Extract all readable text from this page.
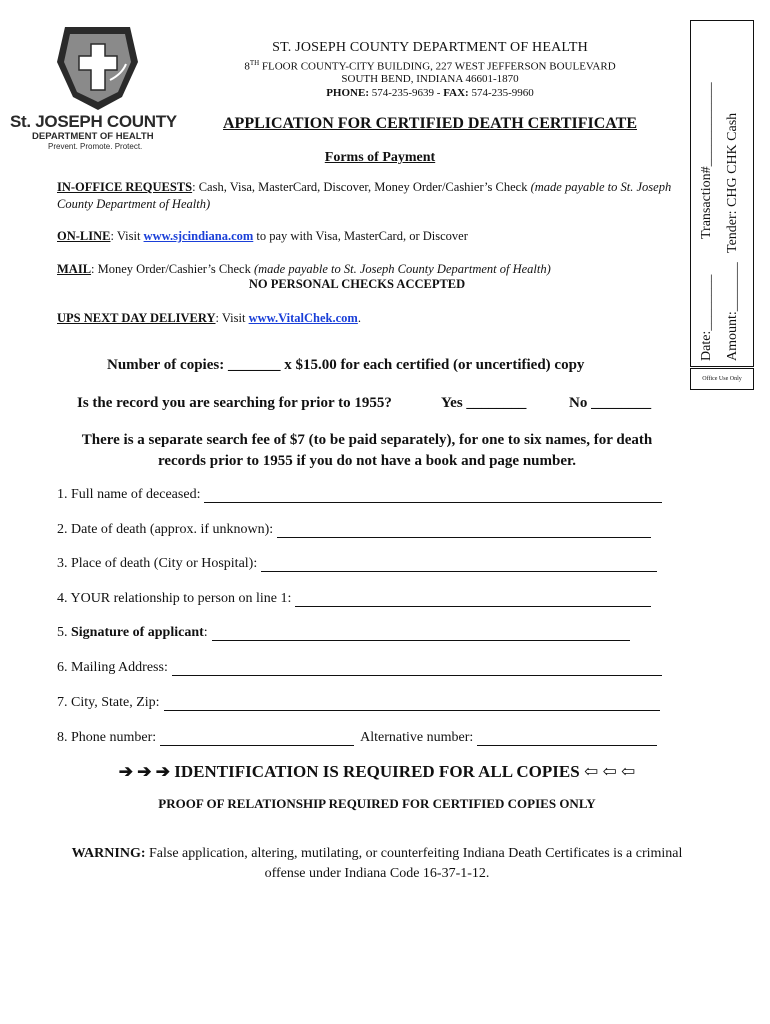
St. JOSEPH COUNTY
DEPARTMENT OF HEALTH
Prevent. Promote. Protect.
ST. JOSEPH COUNTY DEPARTMENT OF HEALTH
8TH FLOOR COUNTY-CITY BUILDING, 227 WEST JEFFERSON BOULEVARD
SOUTH BEND, INDIANA 46601-1870
PHONE: 574-235-9639 - FAX: 574-235-9960
APPLICATION FOR CERTIFIED DEATH CERTIFICATE
Forms of Payment
IN-OFFICE REQUESTS: Cash, Visa, MasterCard, Discover, Money Order/Cashier’s Check (made payable to St. Joseph County Department of Health)
ON-LINE: Visit www.sjcindiana.com to pay with Visa, MasterCard, or Discover
MAIL: Money Order/Cashier’s Check (made payable to St. Joseph County Department of Health)
NO PERSONAL CHECKS ACCEPTED
UPS NEXT DAY DELIVERY: Visit www.VitalChek.com.
Number of copies: _______ x $15.00 for each certified (or uncertified) copy
Is the record you are searching for prior to 1955?	Yes ________	No ________
There is a separate search fee of $7 (to be paid separately), for one to six names, for death records prior to 1955 if you do not have a book and page number.
1. Full name of deceased:
2. Date of death (approx. if unknown):
3. Place of death (City or Hospital):
4. YOUR relationship to person on line 1:
5. Signature of applicant:
6. Mailing Address:
7. City, State, Zip:
8. Phone number:	Alternative number:
➔ ➔ ➔ IDENTIFICATION IS REQUIRED FOR ALL COPIES ⇦ ⇦ ⇦
PROOF OF RELATIONSHIP REQUIRED FOR CERTIFIED COPIES ONLY
WARNING: False application, altering, mutilating, or counterfeiting Indiana Death Certificates is a criminal offense under Indiana Code 16-37-1-12.
Date:________ Amount:_______
Transaction#____________ Tender: CHG CHK Cash
Office Use Only
